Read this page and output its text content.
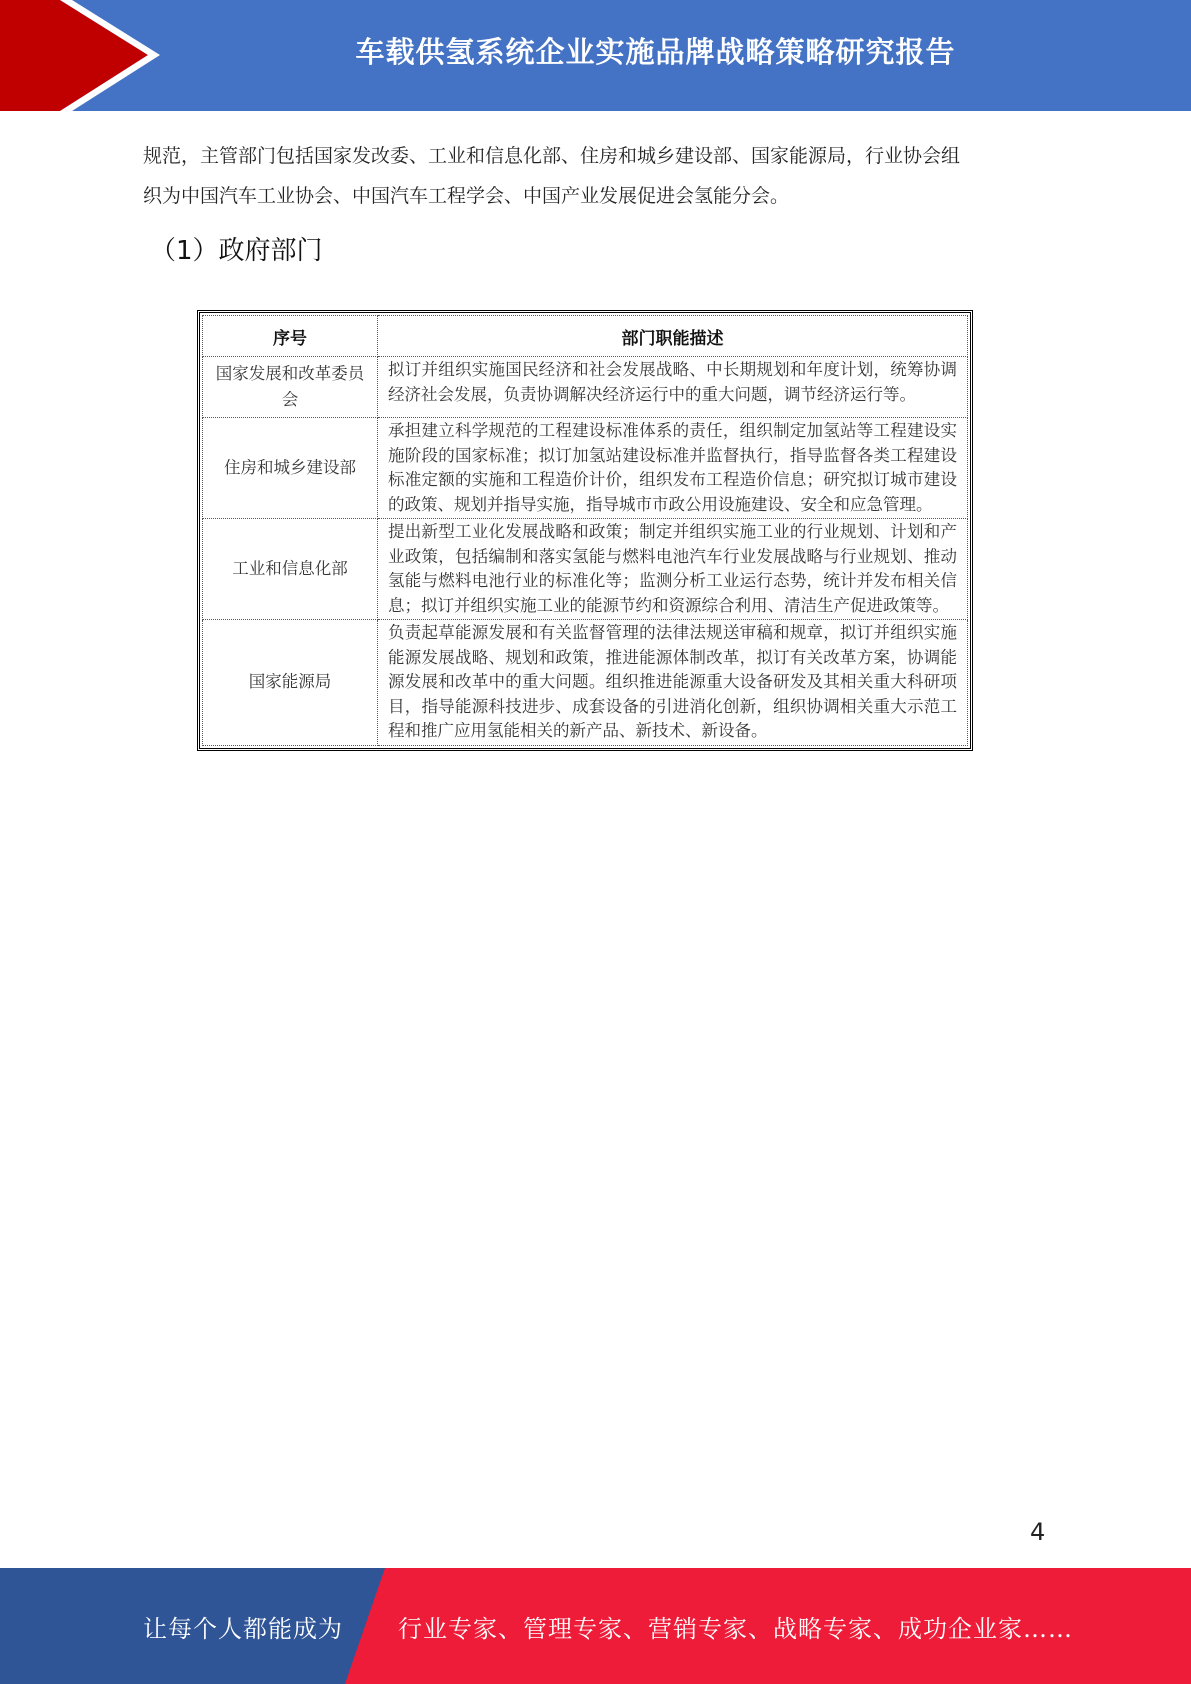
车载供氢系统企业实施品牌战略策略研究报告
规范，主管部门包括国家发改委、工业和信息化部、住房和城乡建设部、国家能源局，行业协会组
织为中国汽车工业协会、中国汽车工程学会、中国产业发展促进会氢能分会。
（1）政府部门
序号	部门职能描述
国家发展和改革委员会	拟订并组织实施国民经济和社会发展战略、中长期规划和年度计划，统筹协调经济社会发展，负责协调解决经济运行中的重大问题，调节经济运行等。
住房和城乡建设部	承担建立科学规范的工程建设标准体系的责任，组织制定加氢站等工程建设实施阶段的国家标准；拟订加氢站建设标准并监督执行，指导监督各类工程建设标准定额的实施和工程造价计价，组织发布工程造价信息；研究拟订城市建设的政策、规划并指导实施，指导城市市政公用设施建设、安全和应急管理。
工业和信息化部	提出新型工业化发展战略和政策；制定并组织实施工业的行业规划、计划和产业政策，包括编制和落实氢能与燃料电池汽车行业发展战略与行业规划、推动氢能与燃料电池行业的标准化等；监测分析工业运行态势，统计并发布相关信息；拟订并组织实施工业的能源节约和资源综合利用、清洁生产促进政策等。
国家能源局	负责起草能源发展和有关监督管理的法律法规送审稿和规章，拟订并组织实施能源发展战略、规划和政策，推进能源体制改革，拟订有关改革方案，协调能源发展和改革中的重大问题。组织推进能源重大设备研发及其相关重大科研项目，指导能源科技进步、成套设备的引进消化创新，组织协调相关重大示范工程和推广应用氢能相关的新产品、新技术、新设备。
4
让每个人都能成为 行业专家、管理专家、营销专家、战略专家、成功企业家……
